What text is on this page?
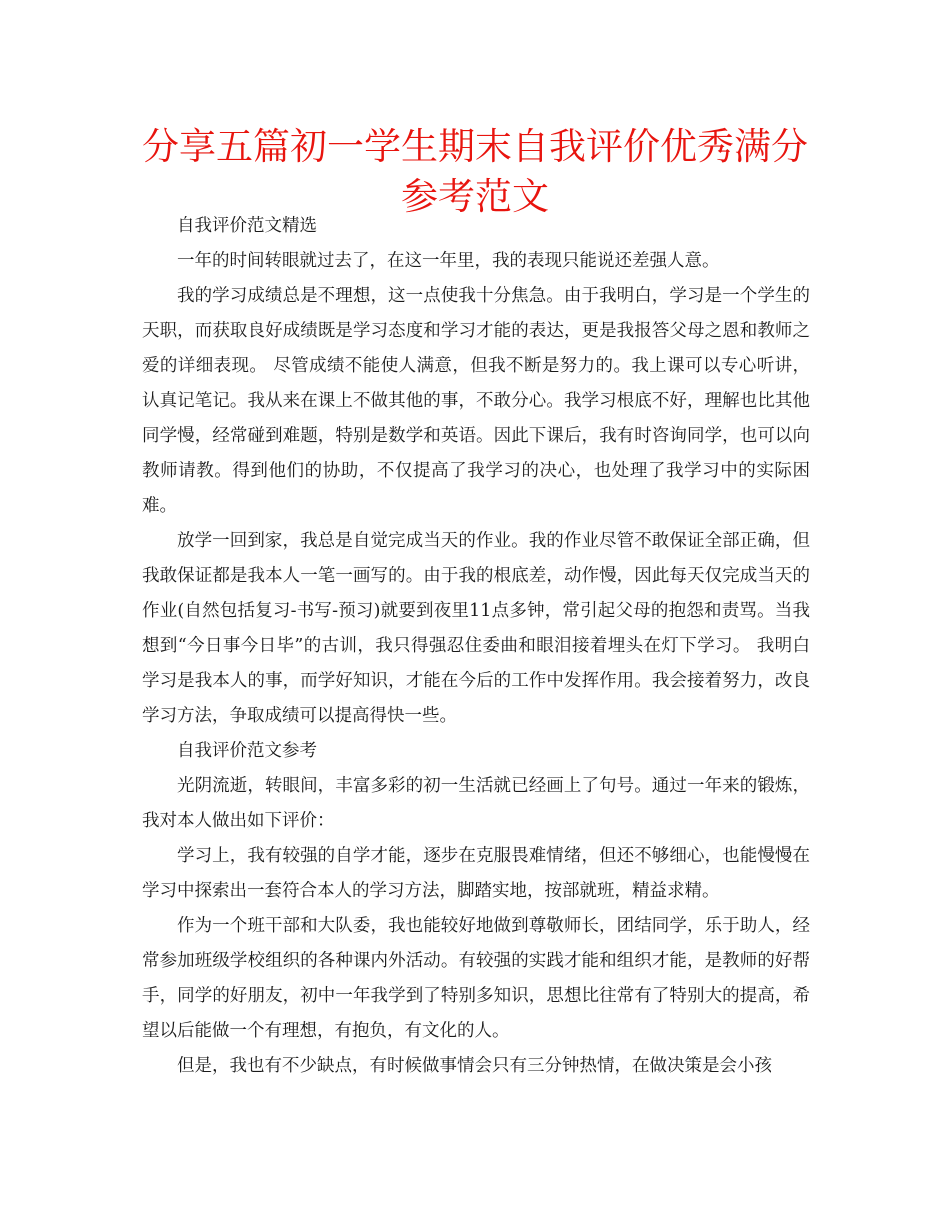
分享五篇初一学生期末自我评价优秀满分
参考范文

自我评价范文精选

一年的时间转眼就过去了，在这一年里，我的表现只能说还差强人意。

我的学习成绩总是不理想，这一点使我十分焦急。由于我明白，学习是一个学生的天职，而获取良好成绩既是学习态度和学习才能的表达，更是我报答父母之恩和教师之爱的详细表现。 尽管成绩不能使人满意，但我不断是努力的。我上课可以专心听讲，认真记笔记。我从来在课上不做其他的事，不敢分心。我学习根底不好，理解也比其他同学慢，经常碰到难题，特别是数学和英语。因此下课后，我有时咨询同学，也可以向教师请教。得到他们的协助，不仅提高了我学习的决心，也处理了我学习中的实际困难。

放学一回到家，我总是自觉完成当天的作业。我的作业尽管不敢保证全部正确，但我敢保证都是我本人一笔一画写的。由于我的根底差，动作慢，因此每天仅完成当天的作业(自然包括复习-书写-预习)就要到夜里11点多钟，常引起父母的抱怨和责骂。当我想到“今日事今日毕”的古训，我只得强忍住委曲和眼泪接着埋头在灯下学习。 我明白学习是我本人的事，而学好知识，才能在今后的工作中发挥作用。我会接着努力，改良学习方法，争取成绩可以提高得快一些。

自我评价范文参考

光阴流逝，转眼间，丰富多彩的初一生活就已经画上了句号。通过一年来的锻炼，我对本人做出如下评价：

学习上，我有较强的自学才能，逐步在克服畏难情绪，但还不够细心，也能慢慢在学习中探索出一套符合本人的学习方法，脚踏实地，按部就班，精益求精。

作为一个班干部和大队委，我也能较好地做到尊敬师长，团结同学，乐于助人，经常参加班级学校组织的各种课内外活动。有较强的实践才能和组织才能，是教师的好帮手，同学的好朋友，初中一年我学到了特别多知识，思想比往常有了特别大的提高，希望以后能做一个有理想，有抱负，有文化的人。

但是，我也有不少缺点，有时候做事情会只有三分钟热情，在做决策是会小孩
